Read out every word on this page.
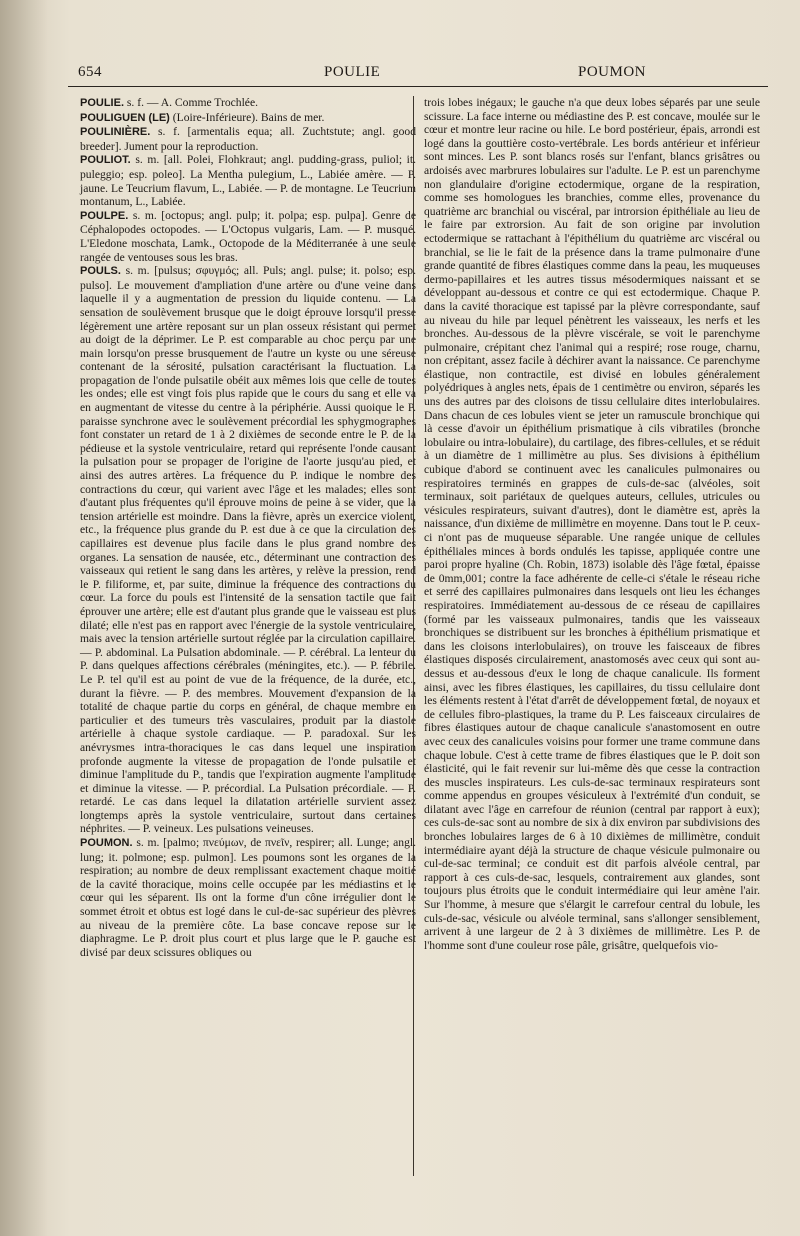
654	POULIE	POUMON

POULIE. s. f. — A. Comme Trochlée.

POULIGUEN (LE) (Loire-Inférieure). Bains de mer.

POULINIÈRE. s. f. [armentalis equa; all. Zuchtstute; angl. good breeder]. Jument pour la reproduction.

POULIOT. s. m. [all. Polei, Flohkraut; angl. pudding-grass, puliol; it. puleggio; esp. poleo]. La Mentha pulegium, L., Labiée amère. — P. jaune. Le Teucrium flavum, L., Labiée. — P. de montagne. Le Teucrium montanum, L., Labiée.

POULPE. s. m. [octopus; angl. pulp; it. polpa; esp. pulpa]. Genre de Céphalopodes octopodes. — L'Octopus vulgaris, Lam. — P. musqué. L'Eledone moschata, Lamk., Octopode de la Méditerranée à une seule rangée de ventouses sous les bras.

POULS. s. m. [pulsus; σφυγμός; all. Puls; angl. pulse; it. polso; esp. pulso]. Le mouvement d'ampliation d'une artère ou d'une veine dans laquelle il y a augmentation de pression du liquide contenu. — La sensation de soulèvement brusque que le doigt éprouve lorsqu'il presse légèrement une artère reposant sur un plan osseux résistant qui permet au doigt de la déprimer. Le P. est comparable au choc perçu par une main lorsqu'on presse brusquement de l'autre un kyste ou une séreuse contenant de la sérosité, pulsation caractérisant la fluctuation. La propagation de l'onde pulsatile obéit aux mêmes lois que celle de toutes les ondes; elle est vingt fois plus rapide que le cours du sang et elle va en augmentant de vitesse du centre à la périphérie. Aussi quoique le P. paraisse synchrone avec le soulèvement précordial les sphygmographes font constater un retard de 1 à 2 dixièmes de seconde entre le P. de la pédieuse et la systole ventriculaire, retard qui représente l'onde causant la pulsation pour se propager de l'origine de l'aorte jusqu'au pied, et ainsi des autres artères. La fréquence du P. indique le nombre des contractions du cœur, qui varient avec l'âge et les malades; elles sont d'autant plus fréquentes qu'il éprouve moins de peine à se vider, que la tension artérielle est moindre. Dans la fièvre, après un exercice violent, etc., la fréquence plus grande du P. est due à ce que la circulation des capillaires est devenue plus facile dans le plus grand nombre des organes. La sensation de nausée, etc., déterminant une contraction des vaisseaux qui retient le sang dans les artères, y relève la pression, rend le P. filiforme, et, par suite, diminue la fréquence des contractions du cœur. La force du pouls est l'intensité de la sensation tactile que fait éprouver une artère; elle est d'autant plus grande que le vaisseau est plus dilaté; elle n'est pas en rapport avec l'énergie de la systole ventriculaire, mais avec la tension artérielle surtout réglée par la circulation capillaire. — P. abdominal. La Pulsation abdominale. — P. cérébral. La lenteur du P. dans quelques affections cérébrales (méningites, etc.). — P. fébrile. Le P. tel qu'il est au point de vue de la fréquence, de la durée, etc., durant la fièvre. — P. des membres. Mouvement d'expansion de la totalité de chaque partie du corps en général, de chaque membre en particulier et des tumeurs très vasculaires, produit par la diastole artérielle à chaque systole cardiaque. — P. paradoxal. Sur les anévrysmes intra-thoraciques le cas dans lequel une inspiration profonde augmente la vitesse de propagation de l'onde pulsatile et diminue l'amplitude du P., tandis que l'expiration augmente l'amplitude et diminue la vitesse. — P. précordial. La Pulsation précordiale. — P. retardé. Le cas dans lequel la dilatation artérielle survient assez longtemps après la systole ventriculaire, surtout dans certaines néphrites. — P. veineux. Les pulsations veineuses.

POUMON. s. m. [palmo; πνεύμων, de πνεῖν, respirer; all. Lunge; angl. lung; it. polmone; esp. pulmon]. Les poumons sont les organes de la respiration; au nombre de deux remplissant exactement chaque moitié de la cavité thoracique, moins celle occupée par les médiastins et le cœur qui les séparent. Ils ont la forme d'un cône irrégulier dont le sommet étroit et obtus est logé dans le cul-de-sac supérieur des plèvres au niveau de la première côte. La base concave repose sur le diaphragme. Le P. droit plus court et plus large que le P. gauche est divisé par deux scissures obliques ou

trois lobes inégaux; le gauche n'a que deux lobes séparés par une seule scissure. La face interne ou médiastine des P. est concave, moulée sur le cœur et montre leur racine ou hile. Le bord postérieur, épais, arrondi est logé dans la gouttière costo-vertébrale. Les bords antérieur et inférieur sont minces. Les P. sont blancs rosés sur l'enfant, blancs grisâtres ou ardoisés avec marbrures lobulaires sur l'adulte. Le P. est un parenchyme non glandulaire d'origine ectodermique, organe de la respiration, comme ses homologues les branchies, comme elles, provenance du quatrième arc branchial ou viscéral, par introrsion épithéliale au lieu de le faire par extrorsion. Au fait de son origine par involution ectodermique se rattachant à l'épithélium du quatrième arc viscéral ou branchial, se lie le fait de la présence dans la trame pulmonaire d'une grande quantité de fibres élastiques comme dans la peau, les muqueuses dermo-papillaires et les autres tissus mésodermiques naissant et se développant au-dessous et contre ce qui est ectodermique. Chaque P. dans la cavité thoracique est tapissé par la plèvre correspondante, sauf au niveau du hile par lequel pénètrent les vaisseaux, les nerfs et les bronches. Au-dessous de la plèvre viscérale, se voit le parenchyme pulmonaire, crépitant chez l'animal qui a respiré; rose rouge, charnu, non crépitant, assez facile à déchirer avant la naissance. Ce parenchyme élastique, non contractile, est divisé en lobules généralement polyédriques à angles nets, épais de 1 centimètre ou environ, séparés les uns des autres par des cloisons de tissu cellulaire dites interlobulaires. Dans chacun de ces lobules vient se jeter un ramuscule bronchique qui là cesse d'avoir un épithélium prismatique à cils vibratiles (bronche lobulaire ou intra-lobulaire), du cartilage, des fibres-cellules, et se réduit à un diamètre de 1 millimètre au plus. Ses divisions à épithélium cubique d'abord se continuent avec les canalicules pulmonaires ou respiratoires terminés en grappes de culs-de-sac (alvéoles, soit terminaux, soit pariétaux de quelques auteurs, cellules, utricules ou vésicules respirateurs, suivant d'autres), dont le diamètre est, après la naissance, d'un dixième de millimètre en moyenne. Dans tout le P. ceux-ci n'ont pas de muqueuse séparable. Une rangée unique de cellules épithéliales minces à bords ondulés les tapisse, appliquée contre une paroi propre hyaline (Ch. Robin, 1873) isolable dès l'âge fœtal, épaisse de 0mm,001; contre la face adhérente de celle-ci s'étale le réseau riche et serré des capillaires pulmonaires dans lesquels ont lieu les échanges respiratoires. Immédiatement au-dessous de ce réseau de capillaires (formé par les vaisseaux pulmonaires, tandis que les vaisseaux bronchiques se distribuent sur les bronches à épithélium prismatique et dans les cloisons interlobulaires), on trouve les faisceaux de fibres élastiques disposés circulairement, anastomosés avec ceux qui sont au-dessus et au-dessous d'eux le long de chaque canalicule. Ils forment ainsi, avec les fibres élastiques, les capillaires, du tissu cellulaire dont les éléments restent à l'état d'arrêt de développement fœtal, de noyaux et de cellules fibro-plastiques, la trame du P. Les faisceaux circulaires de fibres élastiques autour de chaque canalicule s'anastomosent en outre avec ceux des canalicules voisins pour former une trame commune dans chaque lobule. C'est à cette trame de fibres élastiques que le P. doit son élasticité, qui le fait revenir sur lui-même dès que cesse la contraction des muscles inspirateurs. Les culs-de-sac terminaux respirateurs sont comme appendus en groupes vésiculeux à l'extrémité d'un conduit, se dilatant avec l'âge en carrefour de réunion (central par rapport à eux); ces culs-de-sac sont au nombre de six à dix environ par subdivisions des bronches lobulaires larges de 6 à 10 dixièmes de millimètre, conduit intermédiaire ayant déjà la structure de chaque vésicule pulmonaire ou cul-de-sac terminal; ce conduit est dit parfois alvéole central, par rapport à ces culs-de-sac, lesquels, contrairement aux glandes, sont toujours plus étroits que le conduit intermédiaire qui leur amène l'air. Sur l'homme, à mesure que s'élargit le carrefour central du lobule, les culs-de-sac, vésicule ou alvéole terminal, sans s'allonger sensiblement, arrivent à une largeur de 2 à 3 dixièmes de millimètre. Les P. de l'homme sont d'une couleur rose pâle, grisâtre, quelquefois vio-
